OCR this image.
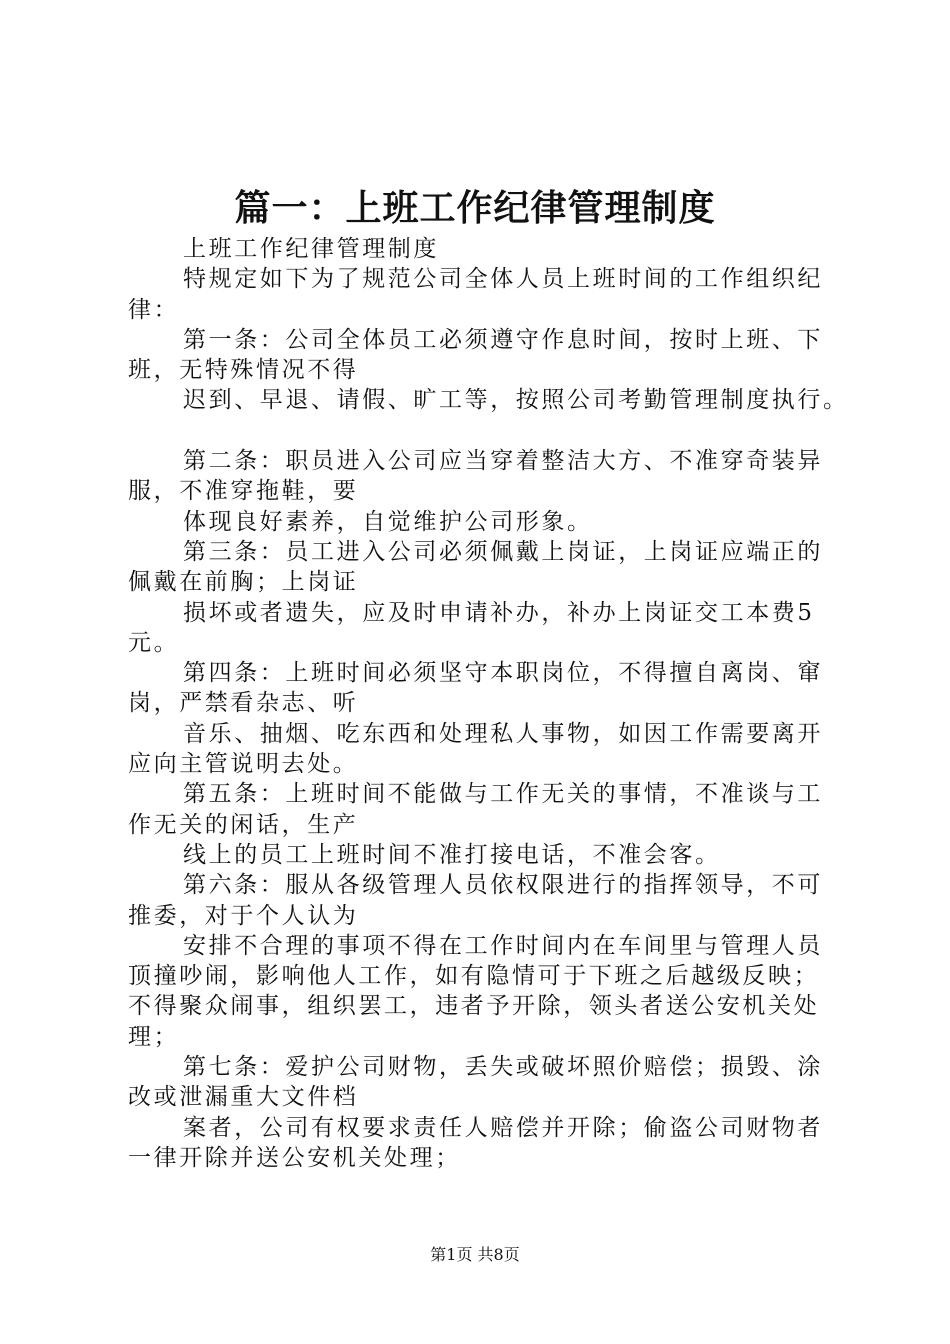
篇一：上班工作纪律管理制度
上班工作纪律管理制度
特规定如下为了规范公司全体人员上班时间的工作组织纪
律：
第一条：公司全体员工必须遵守作息时间，按时上班、下
班，无特殊情况不得
迟到、早退、请假、旷工等，按照公司考勤管理制度执行。
第二条：职员进入公司应当穿着整洁大方、不准穿奇装异
服，不准穿拖鞋，要
体现良好素养，自觉维护公司形象。
第三条：员工进入公司必须佩戴上岗证，上岗证应端正的
佩戴在前胸；上岗证
损坏或者遗失，应及时申请补办，补办上岗证交工本费5
元。
第四条：上班时间必须坚守本职岗位，不得擅自离岗、窜
岗，严禁看杂志、听
音乐、抽烟、吃东西和处理私人事物，如因工作需要离开
应向主管说明去处。
第五条：上班时间不能做与工作无关的事情，不准谈与工
作无关的闲话，生产
线上的员工上班时间不准打接电话，不准会客。
第六条：服从各级管理人员依权限进行的指挥领导，不可
推委，对于个人认为
安排不合理的事项不得在工作时间内在车间里与管理人员
顶撞吵闹，影响他人工作，如有隐情可于下班之后越级反映；
不得聚众闹事，组织罢工，违者予开除，领头者送公安机关处
理；
第七条：爱护公司财物，丢失或破坏照价赔偿；损毁、涂
改或泄漏重大文件档
案者，公司有权要求责任人赔偿并开除；偷盗公司财物者
一律开除并送公安机关处理；
第1页 共8页
